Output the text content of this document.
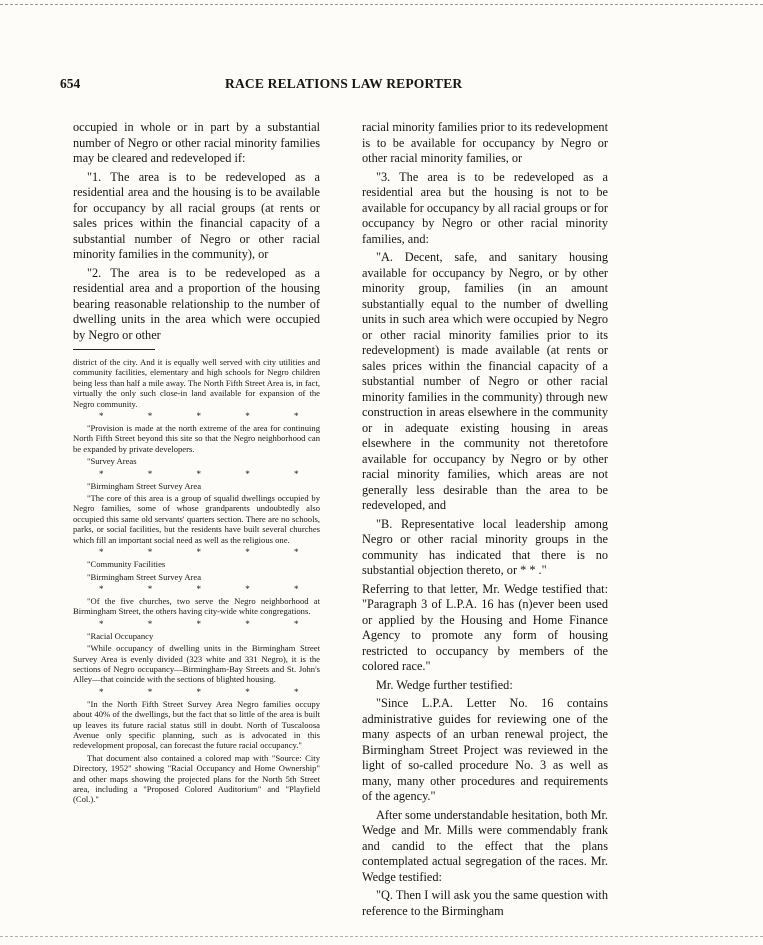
654	RACE RELATIONS LAW REPORTER

occupied in whole or in part by a substantial number of Negro or other racial minority families may be cleared and redeveloped if:

"1. The area is to be redeveloped as a residential area and the housing is to be available for occupancy by all racial groups (at rents or sales prices within the financial capacity of a substantial number of Negro or other racial minority families in the community), or

"2. The area is to be redeveloped as a residential area and a proportion of the housing bearing reasonable relationship to the number of dwelling units in the area which were occupied by Negro or other

district of the city. And it is equally well served with city utilities and community facilities, elementary and high schools for Negro children being less than half a mile away. The North Fifth Street Area is, in fact, virtually the only such close-in land available for expansion of the Negro community.

* * * * *

"Provision is made at the north extreme of the area for continuing North Fifth Street beyond this site so that the Negro neighborhood can be expanded by private developers.

"Survey Areas

* * * * *

"Birmingham Street Survey Area

"The core of this area is a group of squalid dwellings occupied by Negro families, some of whose grandparents undoubtedly also occupied this same old servants' quarters section. There are no schools, parks, or social facilities, but the residents have built several churches which fill an important social need as well as the religious one.

* * * * *

"Community Facilities

"Birmingham Street Survey Area

* * * * *

"Of the five churches, two serve the Negro neighborhood at Birmingham Street, the others having city-wide white congregations.

* * * * *

"Racial Occupancy

"While occupancy of dwelling units in the Birmingham Street Survey Area is evenly divided (323 white and 331 Negro), it is the sections of Negro occupancy—Birmingham-Bay Streets and St. John's Alley—that coincide with the sections of blighted housing.

* * * * *

"In the North Fifth Street Survey Area Negro families occupy about 40% of the dwellings, but the fact that so little of the area is built up leaves its future racial status still in doubt. North of Tuscaloosa Avenue only specific planning, such as is advocated in this redevelopment proposal, can forecast the future racial occupancy."

That document also contained a colored map with "Source: City Directory, 1952" showing "Racial Occupancy and Home Ownership" and other maps showing the projected plans for the North 5th Street area, including a "Proposed Colored Auditorium" and "Playfield (Col.)."

racial minority families prior to its redevelopment is to be available for occupancy by Negro or other racial minority families, or

"3. The area is to be redeveloped as a residential area but the housing is not to be available for occupancy by all racial groups or for occupancy by Negro or other racial minority families, and:

"A. Decent, safe, and sanitary housing available for occupancy by Negro, or by other minority group, families (in an amount substantially equal to the number of dwelling units in such area which were occupied by Negro or other racial minority families prior to its redevelopment) is made available (at rents or sales prices within the financial capacity of a substantial number of Negro or other racial minority families in the community) through new construction in areas elsewhere in the community or in adequate existing housing in areas elsewhere in the community not theretofore available for occupancy by Negro or by other racial minority families, which areas are not generally less desirable than the area to be redeveloped, and

"B. Representative local leadership among Negro or other racial minority groups in the community has indicated that there is no substantial objection thereto, or * * ."

Referring to that letter, Mr. Wedge testified that: "Paragraph 3 of L.P.A. 16 has (n)ever been used or applied by the Housing and Home Finance Agency to promote any form of housing restricted to occupancy by members of the colored race."

Mr. Wedge further testified:

"Since L.P.A. Letter No. 16 contains administrative guides for reviewing one of the many aspects of an urban renewal project, the Birmingham Street Project was reviewed in the light of so-called procedure No. 3 as well as many, many other procedures and requirements of the agency."

After some understandable hesitation, both Mr. Wedge and Mr. Mills were commendably frank and candid to the effect that the plans contemplated actual segregation of the races. Mr. Wedge testified:

"Q. Then I will ask you the same question with reference to the Birmingham
